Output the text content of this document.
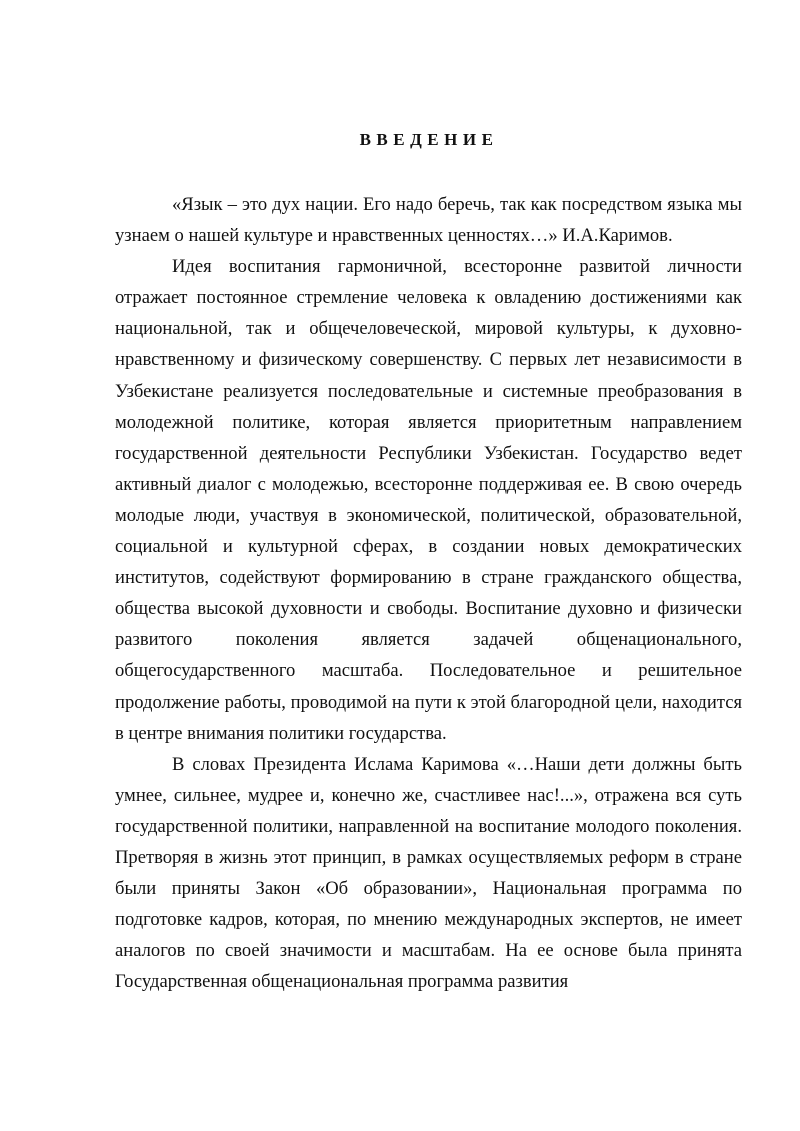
ВВЕДЕНИЕ

«Язык – это дух нации. Его надо беречь, так как посредством языка мы узнаем о нашей культуре и нравственных ценностях…» И.А.Каримов.

Идея воспитания гармоничной, всесторонне развитой личности отражает постоянное стремление человека к овладению достижениями как национальной, так и общечеловеческой, мировой культуры, к духовно-нравственному и физическому совершенству. С первых лет независимости в Узбекистане реализуется последовательные и системные преобразования в молодежной политике, которая является приоритетным направлением государственной деятельности Республики Узбекистан. Государство ведет активный диалог с молодежью, всесторонне поддерживая ее. В свою очередь молодые люди, участвуя в экономической, политической, образовательной, социальной и культурной сферах, в создании новых демократических институтов, содействуют формированию в стране гражданского общества, общества высокой духовности и свободы. Воспитание духовно и физически развитого поколения является задачей общенационального, общегосударственного масштаба. Последовательное и решительное продолжение работы, проводимой на пути к этой благородной цели, находится в центре внимания политики государства.

В словах Президента Ислама Каримова «…Наши дети должны быть умнее, сильнее, мудрее и, конечно же, счастливее нас!...», отражена вся суть государственной политики, направленной на воспитание молодого поколения. Претворяя в жизнь этот принцип, в рамках осуществляемых реформ в стране были приняты Закон «Об образовании», Национальная программа по подготовке кадров, которая, по мнению международных экспертов, не имеет аналогов по своей значимости и масштабам. На ее основе была принята Государственная общенациональная программа развития
